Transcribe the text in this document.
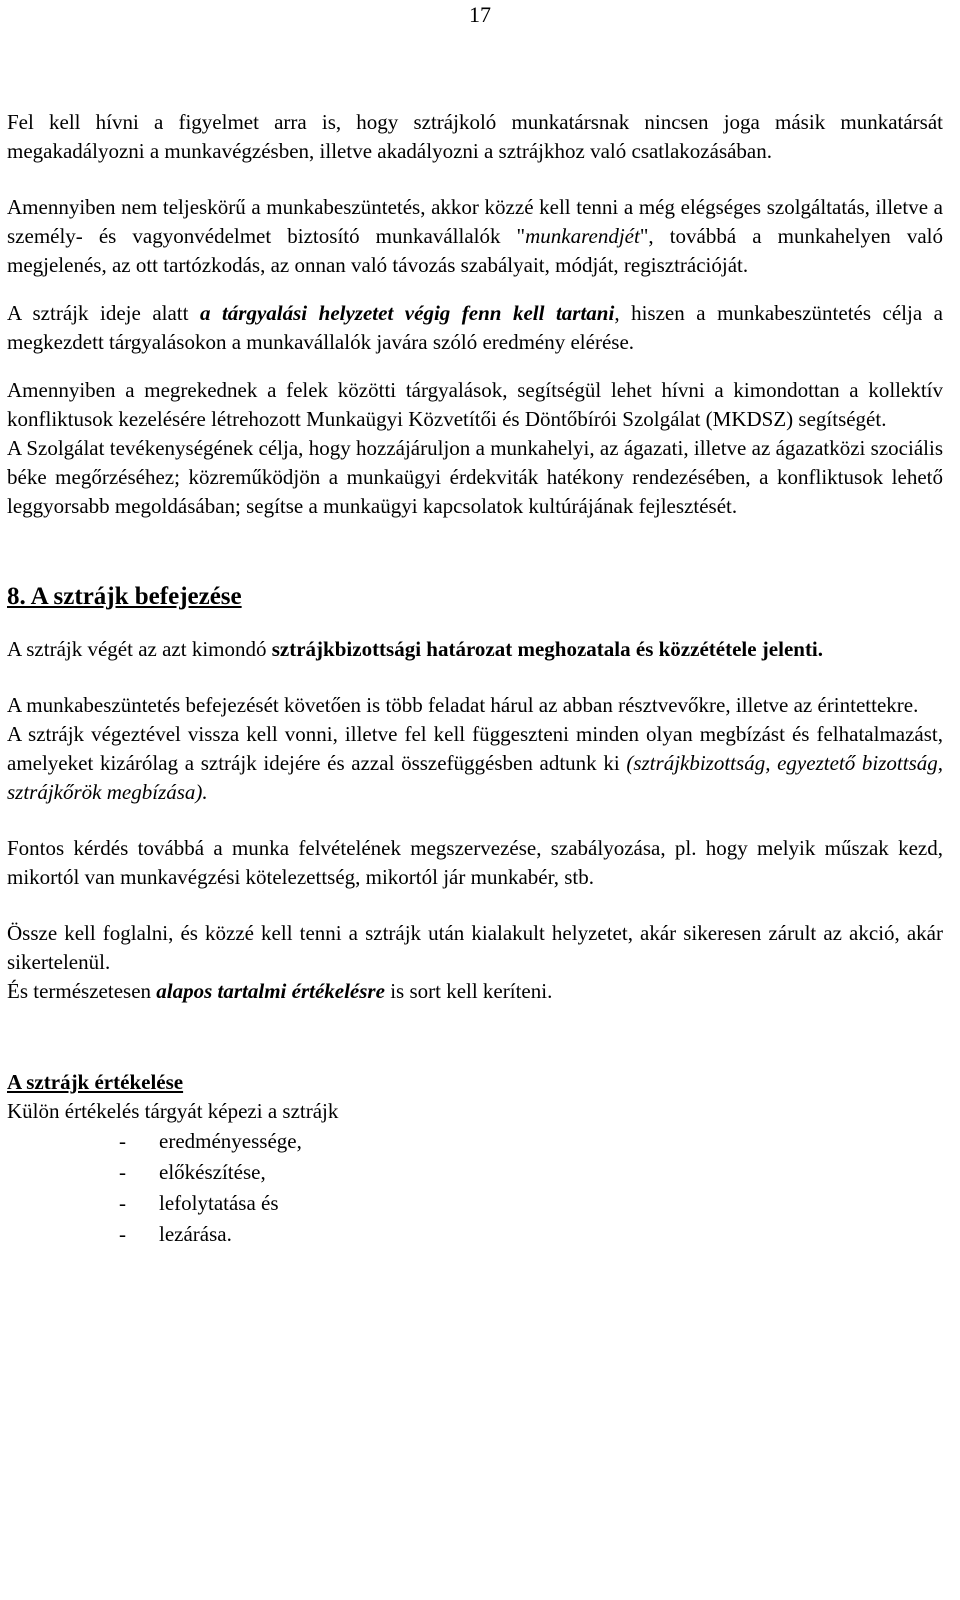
17

Fel kell hívni a figyelmet arra is, hogy sztrájkoló munkatársnak nincsen joga másik munkatársát megakadályozni a munkavégzésben, illetve akadályozni a sztrájkhoz való csatlakozásában.

Amennyiben nem teljeskörű a munkabeszüntetés, akkor közzé kell tenni a még elégséges szolgáltatás, illetve a személy- és vagyonvédelmet biztosító munkavállalók "munkarendjét", továbbá a munkahelyen való megjelenés, az ott tartózkodás, az onnan való távozás szabályait, módját, regisztrációját.

A sztrájk ideje alatt a tárgyalási helyzetet végig fenn kell tartani, hiszen a munkabeszüntetés célja a megkezdett tárgyalásokon a munkavállalók javára szóló eredmény elérése.

Amennyiben a megrekednek a felek közötti tárgyalások, segítségül lehet hívni a kimondottan a kollektív konfliktusok kezelésére létrehozott Munkaügyi Közvetítői és Döntőbírói Szolgálat (MKDSZ) segítségét.

A Szolgálat tevékenységének célja, hogy hozzájáruljon a munkahelyi, az ágazati, illetve az ágazatközi szociális béke megőrzéséhez; közreműködjön a munkaügyi érdekviták hatékony rendezésében, a konfliktusok lehető leggyorsabb megoldásában; segítse a munkaügyi kapcsolatok kultúrájának fejlesztését.

8. A sztrájk befejezése

A sztrájk végét az azt kimondó sztrájkbizottsági határozat meghozatala és közzététele jelenti.

A munkabeszüntetés befejezését követően is több feladat hárul az abban résztvevőkre, illetve az érintettekre.

A sztrájk végeztével vissza kell vonni, illetve fel kell függeszteni minden olyan megbízást és felhatalmazást, amelyeket kizárólag a sztrájk idejére és azzal összefüggésben adtunk ki (sztrájkbizottság, egyeztető bizottság, sztrájkőrök megbízása).

Fontos kérdés továbbá a munka felvételének megszervezése, szabályozása, pl. hogy melyik műszak kezd, mikortól van munkavégzési kötelezettség, mikortól jár munkabér, stb.

Össze kell foglalni, és közzé kell tenni a sztrájk után kialakult helyzetet, akár sikeresen zárult az akció, akár sikertelenül.

És természetesen alapos tartalmi értékelésre is sort kell keríteni.

A sztrájk értékelése

Külön értékelés tárgyát képezi a sztrájk

- eredményessége,
- előkészítése,
- lefolytatása és
- lezárása.
